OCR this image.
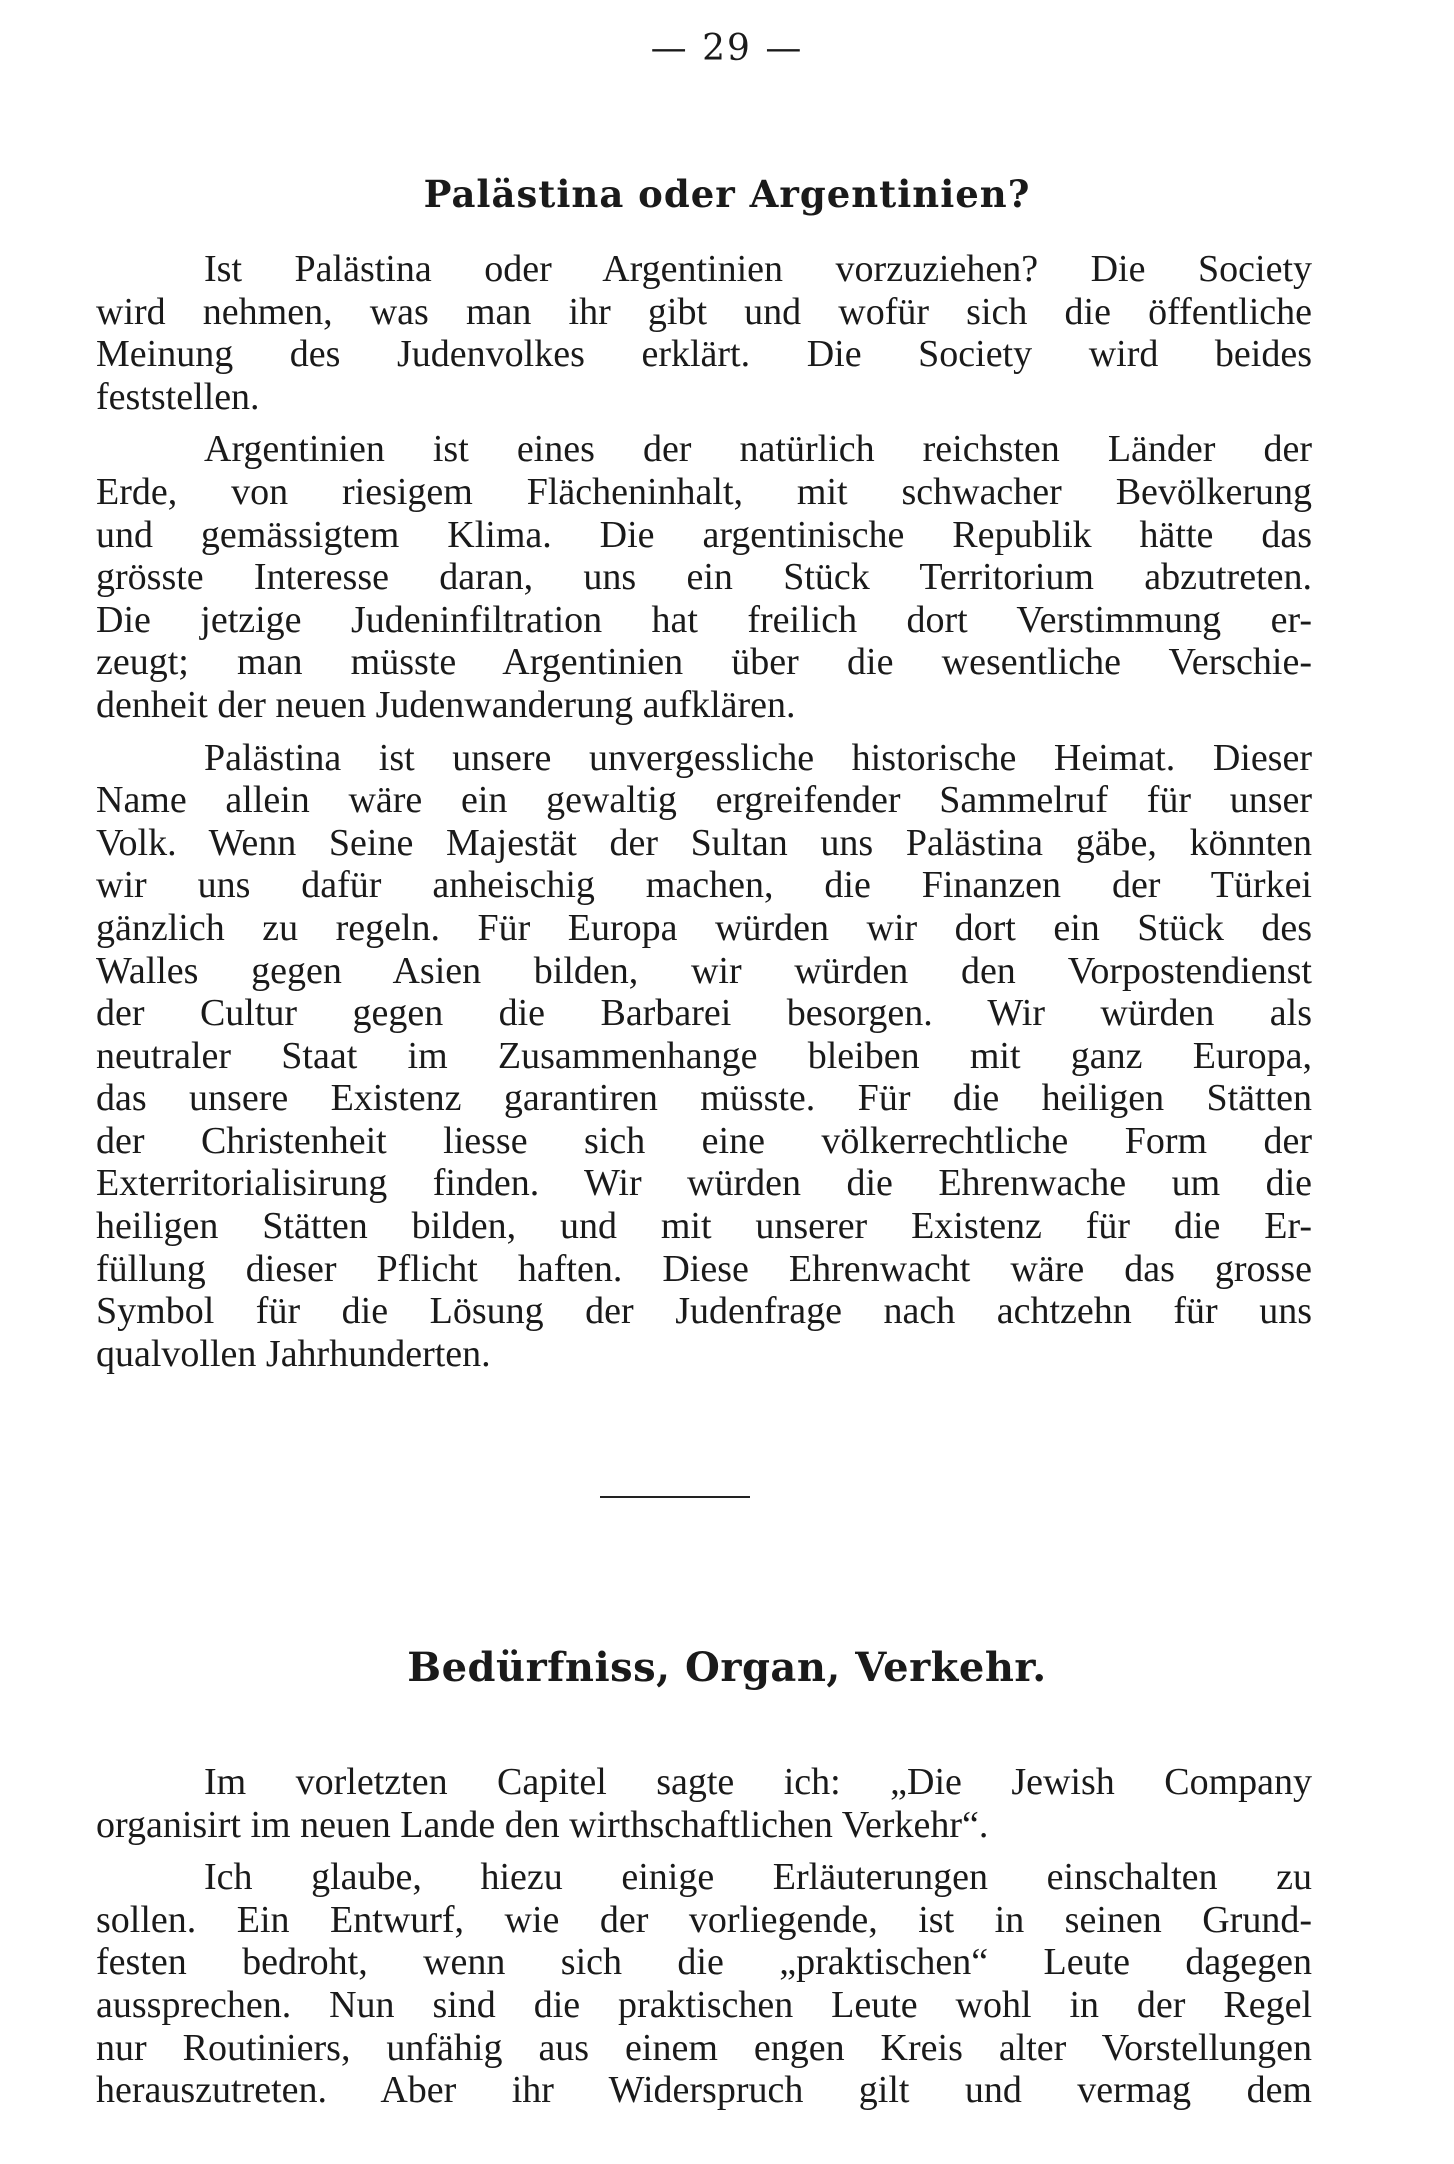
— 29 —
Palästina oder Argentinien?
Ist Palästina oder Argentinien vorzuziehen? Die Society
wird nehmen, was man ihr gibt und wofür sich die öffentliche
Meinung des Judenvolkes erklärt. Die Society wird beides
feststellen.
Argentinien ist eines der natürlich reichsten Länder der
Erde, von riesigem Flächeninhalt, mit schwacher Bevölkerung
und gemässigtem Klima. Die argentinische Republik hätte das
grösste Interesse daran, uns ein Stück Territorium abzutreten.
Die jetzige Judeninfiltration hat freilich dort Verstimmung er-
zeugt; man müsste Argentinien über die wesentliche Verschie-
denheit der neuen Judenwanderung aufklären.
Palästina ist unsere unvergessliche historische Heimat. Dieser
Name allein wäre ein gewaltig ergreifender Sammelruf für unser
Volk. Wenn Seine Majestät der Sultan uns Palästina gäbe, könnten
wir uns dafür anheischig machen, die Finanzen der Türkei
gänzlich zu regeln. Für Europa würden wir dort ein Stück des
Walles gegen Asien bilden, wir würden den Vorpostendienst
der Cultur gegen die Barbarei besorgen. Wir würden als
neutraler Staat im Zusammenhange bleiben mit ganz Europa,
das unsere Existenz garantiren müsste. Für die heiligen Stätten
der Christenheit liesse sich eine völkerrechtliche Form der
Exterritorialisirung finden. Wir würden die Ehrenwache um die
heiligen Stätten bilden, und mit unserer Existenz für die Er-
füllung dieser Pflicht haften. Diese Ehrenwacht wäre das grosse
Symbol für die Lösung der Judenfrage nach achtzehn für uns
qualvollen Jahrhunderten.
Bedürfniss, Organ, Verkehr.
Im vorletzten Capitel sagte ich: „Die Jewish Company
organisirt im neuen Lande den wirthschaftlichen Verkehr“.
Ich glaube, hiezu einige Erläuterungen einschalten zu
sollen. Ein Entwurf, wie der vorliegende, ist in seinen Grund-
festen bedroht, wenn sich die „praktischen“ Leute dagegen
aussprechen. Nun sind die praktischen Leute wohl in der Regel
nur Routiniers, unfähig aus einem engen Kreis alter Vorstellungen
herauszutreten. Aber ihr Widerspruch gilt und vermag dem
